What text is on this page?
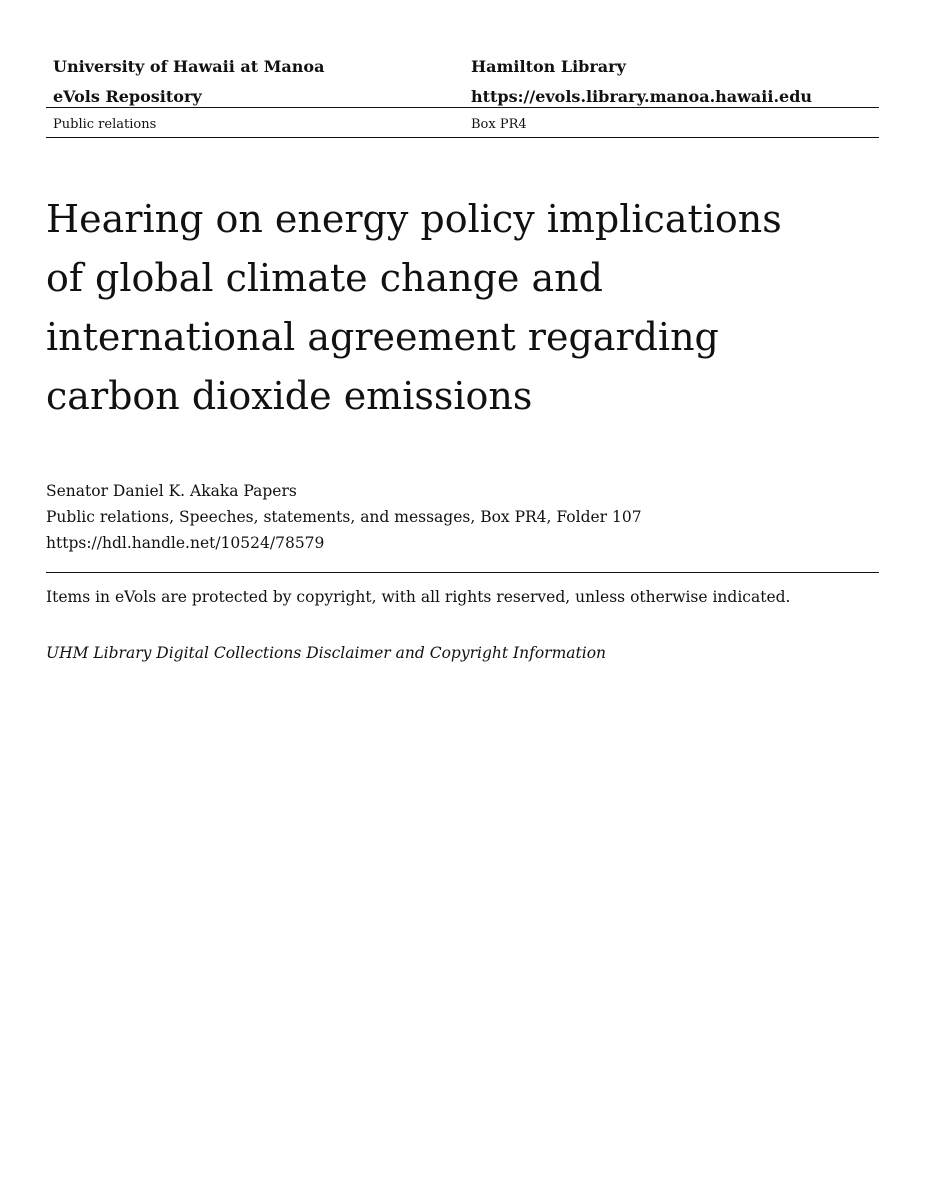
University of Hawaii at Manoa	Hamilton Library
eVols Repository	https://evols.library.manoa.hawaii.edu
Public relations	Box PR4
Hearing on energy policy implications of global climate change and international agreement regarding carbon dioxide emissions
Senator Daniel K. Akaka Papers
Public relations, Speeches, statements, and messages, Box PR4, Folder 107
https://hdl.handle.net/10524/78579
Items in eVols are protected by copyright, with all rights reserved, unless otherwise indicated.
UHM Library Digital Collections Disclaimer and Copyright Information
